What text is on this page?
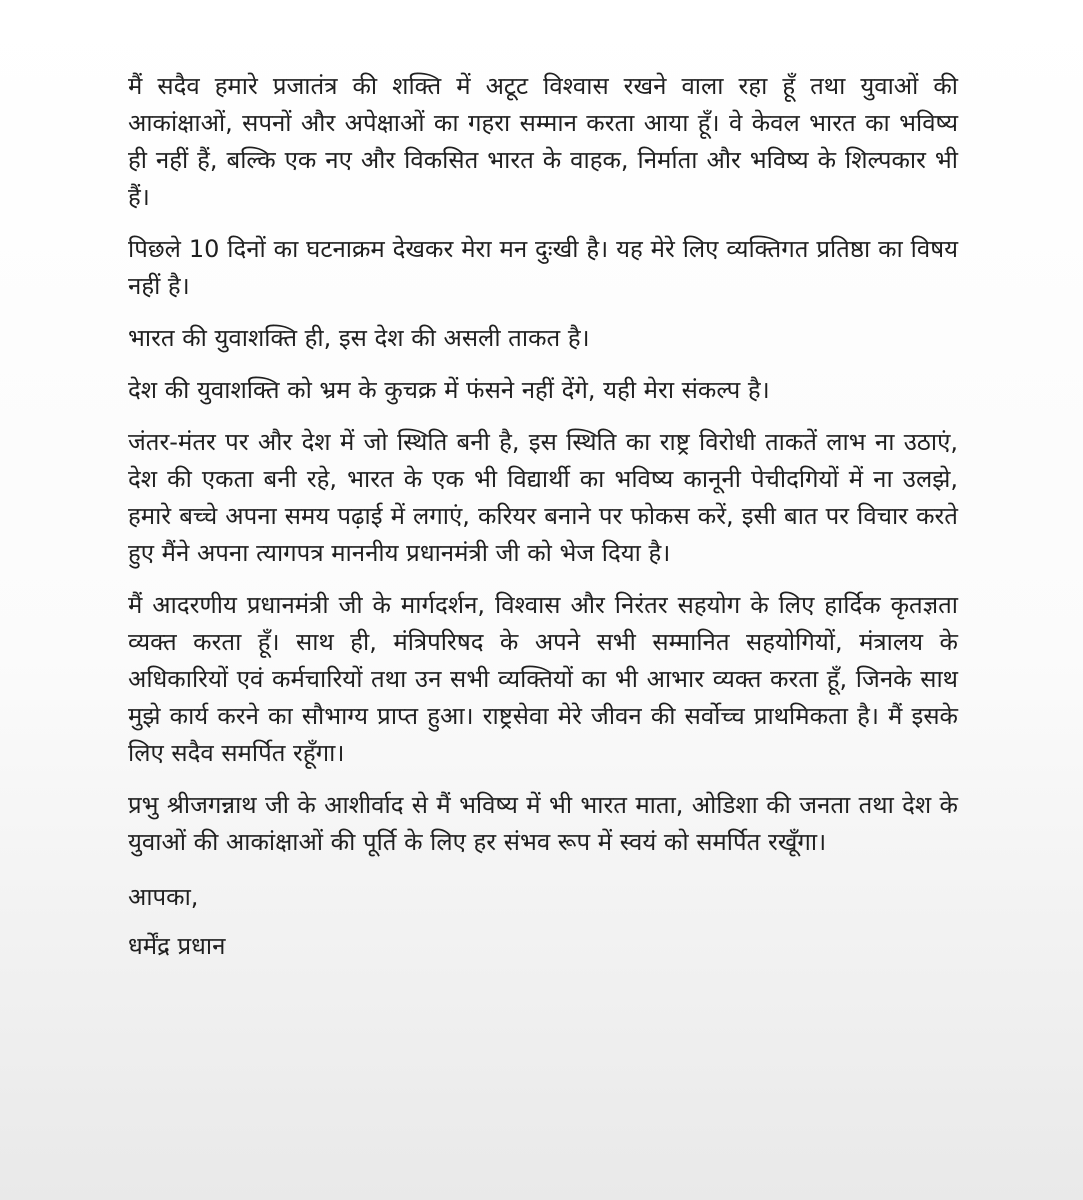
मैं सदैव हमारे प्रजातंत्र की शक्ति में अटूट विश्वास रखने वाला रहा हूँ तथा युवाओं की आकांक्षाओं, सपनों और अपेक्षाओं का गहरा सम्मान करता आया हूँ। वे केवल भारत का भविष्य ही नहीं हैं, बल्कि एक नए और विकसित भारत के वाहक, निर्माता और भविष्य के शिल्पकार भी हैं।

पिछले 10 दिनों का घटनाक्रम देखकर मेरा मन दुःखी है। यह मेरे लिए व्यक्तिगत प्रतिष्ठा का विषय नहीं है।

भारत की युवाशक्ति ही, इस देश की असली ताकत है।

देश की युवाशक्ति को भ्रम के कुचक्र में फंसने नहीं देंगे, यही मेरा संकल्प है।

जंतर-मंतर पर और देश में जो स्थिति बनी है, इस स्थिति का राष्ट्र विरोधी ताकतें लाभ ना उठाएं, देश की एकता बनी रहे, भारत के एक भी विद्यार्थी का भविष्य कानूनी पेचीदगियों में ना उलझे, हमारे बच्चे अपना समय पढ़ाई में लगाएं, करियर बनाने पर फोकस करें, इसी बात पर विचार करते हुए मैंने अपना त्यागपत्र माननीय प्रधानमंत्री जी को भेज दिया है।

मैं आदरणीय प्रधानमंत्री जी के मार्गदर्शन, विश्वास और निरंतर सहयोग के लिए हार्दिक कृतज्ञता व्यक्त करता हूँ। साथ ही, मंत्रिपरिषद के अपने सभी सम्मानित सहयोगियों, मंत्रालय के अधिकारियों एवं कर्मचारियों तथा उन सभी व्यक्तियों का भी आभार व्यक्त करता हूँ, जिनके साथ मुझे कार्य करने का सौभाग्य प्राप्त हुआ। राष्ट्रसेवा मेरे जीवन की सर्वोच्च प्राथमिकता है। मैं इसके लिए सदैव समर्पित रहूँगा।

प्रभु श्रीजगन्नाथ जी के आशीर्वाद से मैं भविष्य में भी भारत माता, ओडिशा की जनता तथा देश के युवाओं की आकांक्षाओं की पूर्ति के लिए हर संभव रूप में स्वयं को समर्पित रखूँगा।

आपका,

धर्मेंद्र प्रधान
